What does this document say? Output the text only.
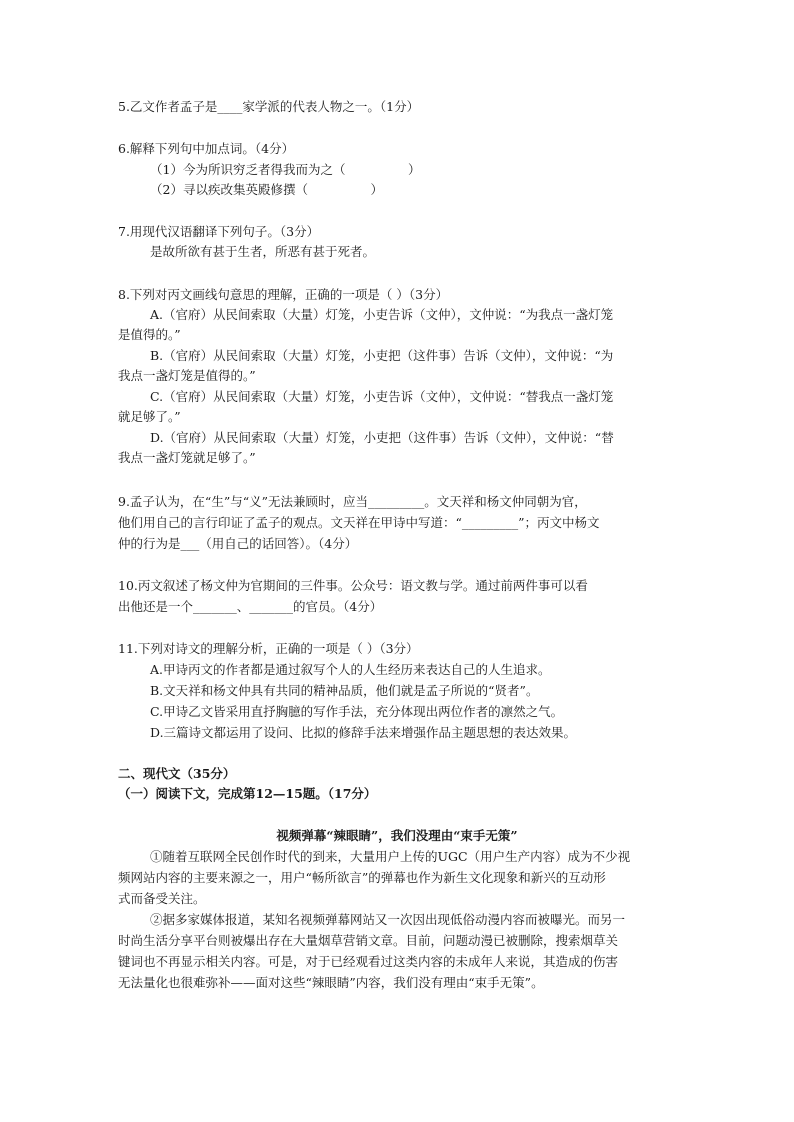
5.乙文作者孟子是____家学派的代表人物之一。（1分）
6.解释下列句中加点词。（4分）
（1）今为所识穷乏者得我而为之（　　　　　）
（2）寻以疾改集英殿修撰（　　　　　）
7.用现代汉语翻译下列句子。（3分）
是故所欲有甚于生者，所恶有甚于死者。
8.下列对丙文画线句意思的理解，正确的一项是（ ）（3分）
A.（官府）从民间索取（大量）灯笼，小吏告诉（文仲），文仲说：“为我点一盏灯笼
是值得的。”
B.（官府）从民间索取（大量）灯笼，小吏把（这件事）告诉（文仲），文仲说：“为
我点一盏灯笼是值得的。”
C.（官府）从民间索取（大量）灯笼，小吏告诉（文仲），文仲说：“替我点一盏灯笼
就足够了。”
D.（官府）从民间索取（大量）灯笼，小吏把（这件事）告诉（文仲），文仲说：“替
我点一盏灯笼就足够了。”
9.孟子认为，在“生”与“义”无法兼顾时，应当_________。文天祥和杨文仲同朝为官，
他们用自己的言行印证了孟子的观点。文天祥在甲诗中写道：“_________”；丙文中杨文
仲的行为是___（用自己的话回答）。（4分）
10.丙文叙述了杨文仲为官期间的三件事。公众号：语文教与学。通过前两件事可以看
出他还是一个_______、_______的官员。（4分）
11.下列对诗文的理解分析，正确的一项是（ ）（3分）
A.甲诗丙文的作者都是通过叙写个人的人生经历来表达自己的人生追求。
B.文天祥和杨文仲具有共同的精神品质，他们就是孟子所说的“贤者”。
C.甲诗乙文皆采用直抒胸臆的写作手法，充分体现出两位作者的凛然之气。
D.三篇诗文都运用了设问、比拟的修辞手法来增强作品主题思想的表达效果。
二、现代文（35分）
（一）阅读下文，完成第12—15题。（17分）
视频弹幕“辣眼睛”，我们没理由“束手无策”
①随着互联网全民创作时代的到来，大量用户上传的UGC（用户生产内容）成为不少视
频网站内容的主要来源之一，用户“畅所欲言”的弹幕也作为新生文化现象和新兴的互动形
式而备受关注。
②据多家媒体报道，某知名视频弹幕网站又一次因出现低俗动漫内容而被曝光。而另一
时尚生活分享平台则被爆出存在大量烟草营销文章。目前，问题动漫已被删除，搜索烟草关
键词也不再显示相关内容。可是，对于已经观看过这类内容的未成年人来说，其造成的伤害
无法量化也很难弥补——面对这些“辣眼睛”内容，我们没有理由“束手无策”。
